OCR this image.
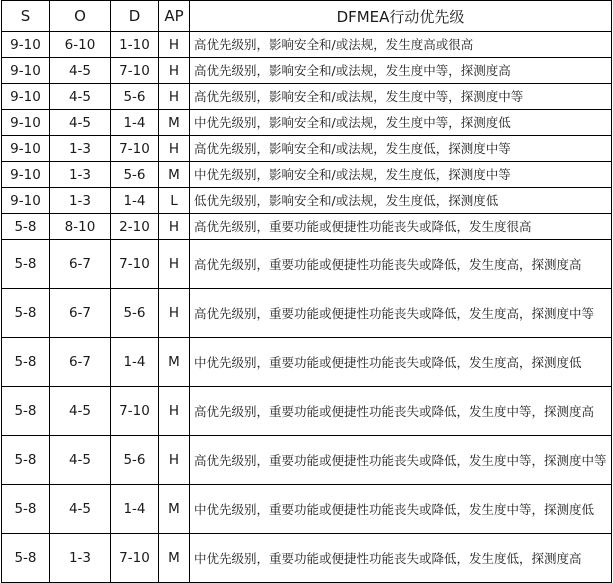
S	O	D	AP	DFMEA行动优先级
9-10	6-10	1-10	H	高优先级别，影响安全和/或法规，发生度高或很高
9-10	4-5	7-10	H	高优先级别，影响安全和/或法规，发生度中等，探测度高
9-10	4-5	5-6	H	高优先级别，影响安全和/或法规，发生度中等，探测度中等
9-10	4-5	1-4	M	中优先级别，影响安全和/或法规，发生度中等，探测度低
9-10	1-3	7-10	H	高优先级别，影响安全和/或法规，发生度低，探测度中等
9-10	1-3	5-6	M	中优先级别，影响安全和/或法规，发生度低，探测度中等
9-10	1-3	1-4	L	低优先级别，影响安全和/或法规，发生度低，探测度低
5-8	8-10	2-10	H	高优先级别，重要功能或便捷性功能丧失或降低，发生度很高
5-8	6-7	7-10	H	高优先级别，重要功能或便捷性功能丧失或降低，发生度高，探测度高
5-8	6-7	5-6	H	高优先级别，重要功能或便捷性功能丧失或降低，发生度高，探测度中等
5-8	6-7	1-4	M	中优先级别，重要功能或便捷性功能丧失或降低，发生度高，探测度低
5-8	4-5	7-10	H	高优先级别，重要功能或便捷性功能丧失或降低，发生度中等，探测度高
5-8	4-5	5-6	H	高优先级别，重要功能或便捷性功能丧失或降低，发生度中等，探测度中等
5-8	4-5	1-4	M	中优先级别，重要功能或便捷性功能丧失或降低，发生度中等，探测度低
5-8	1-3	7-10	M	中优先级别，重要功能或便捷性功能丧失或降低，发生度低，探测度高
